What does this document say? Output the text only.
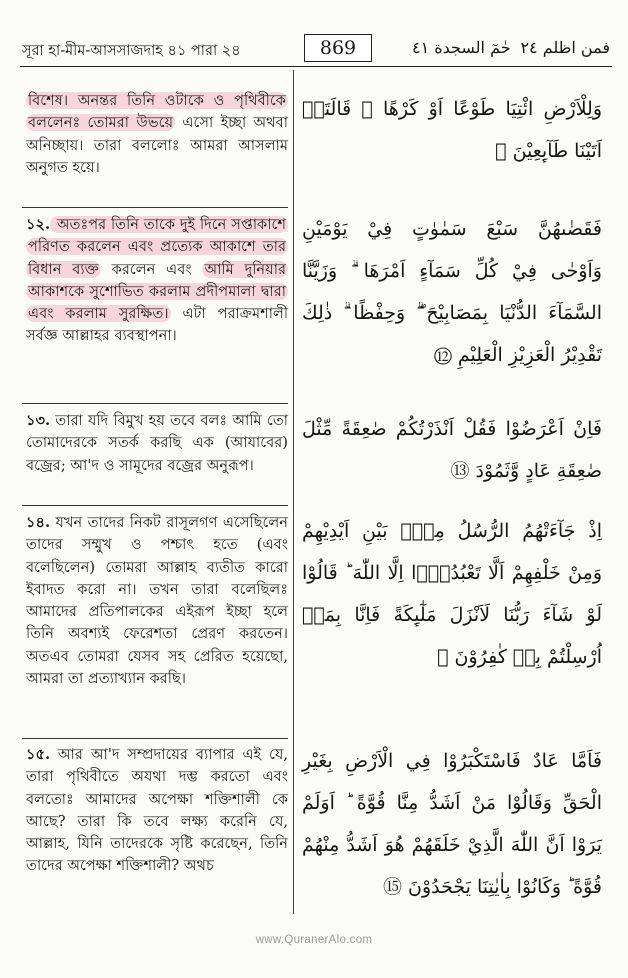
সূরা হা-মীম-আসসাজদাহ ৪১ পারা ২৪	869	حٰمٓ السجدة ٤١ فمن اظلم ٢٤
বিশেষ। অনন্তর তিনি ওটাকে ও পৃথিবীকে বললেনঃ তোমরা উভয়ে এসো ইচ্ছা অথবা অনিচ্ছায়। তারা বললোঃ আমরা আসলাম অনুগত হয়ে।
وَلِلْاَرْضِ ائْتِيَا طَوْعًا اَوْ كَرْهًا ۗ قَالَتَاۤ اَتَيْنَا طَآىِٕعِيْنَ ⑪
১২. অতঃপর তিনি তাকে দুই দিনে সপ্তাকাশে পরিণত করলেন এবং প্রত্যেক আকাশে তার বিধান ব্যক্ত করলেন এবং আমি দুনিয়ার আকাশকে সুশোভিত করলাম প্রদীপমালা দ্বারা এবং করলাম সুরক্ষিত। এটা পরাক্রমশালী সর্বজ্ঞ আল্লাহর ব্যবস্থাপনা।
فَقَضٰىهُنَّ سَبْعَ سَمٰوٰتٍ فِيْ يَوْمَيْنِ وَاَوْحٰى فِيْ كُلِّ سَمَآءٍ اَمْرَهَا ۗ وَزَيَّنَّا السَّمَآءَ الدُّنْيَا بِمَصَابِيْحَ ۖۗ وَحِفْظًا ۗ ذٰلِكَ تَقْدِيْرُ الْعَزِيْزِ الْعَلِيْمِ ⑫
১৩. তারা যদি বিমুখ হয় তবে বলঃ আমি তো তোমাদেরকে সতর্ক করছি এক (আযাবের) বজ্রের; আ'দ ও সামূদের বজ্রের অনুরূপ।
فَاِنْ اَعْرَضُوْا فَقُلْ اَنْذَرْتُكُمْ صٰعِقَةً مِّثْلَ صٰعِقَةِ عَادٍ وَّثَمُوْدَ ⑬
১৪. যখন তাদের নিকট রাসূলগণ এসেছিলেন তাদের সম্মুখ ও পশ্চাৎ হতে (এবং বলেছিলেন) তোমরা আল্লাহ ব্যতীত কারো ইবাদত করো না। তখন তারা বলেছিলঃ আমাদের প্রতিপালকের এইরূপ ইচ্ছা হলে তিনি অবশ্যই ফেরেশতা প্রেরণ করতেন। অতএব তোমরা যেসব সহ প্রেরিত হয়েছো, আমরা তা প্রত্যাখ্যান করছি।
اِذْ جَآءَتْهُمُ الرُّسُلُ مِنْۢ بَيْنِ اَيْدِيْهِمْ وَمِنْ خَلْفِهِمْ اَلَّا تَعْبُدُوْۤا اِلَّا اللّٰهَ ؕ قَالُوْا لَوْ شَآءَ رَبُّنَا لَاَنْزَلَ مَلٰٓىِٕكَةً فَاِنَّا بِمَاۤ اُرْسِلْتُمْ بِهٖ كٰفِرُوْنَ ⑭
১৫. আর আ'দ সম্প্রদায়ের ব্যাপার এই যে, তারা পৃথিবীতে অযথা দম্ভ করতো এবং বলতোঃ আমাদের অপেক্ষা শক্তিশালী কে আছে? তারা কি তবে লক্ষ্য করেনি যে, আল্লাহ, যিনি তাদেরকে সৃষ্টি করেছেন, তিনি তাদের অপেক্ষা শক্তিশালী? অথচ
فَاَمَّا عَادٌ فَاسْتَكْبَرُوْا فِي الْاَرْضِ بِغَيْرِ الْحَقِّ وَقَالُوْا مَنْ اَشَدُّ مِنَّا قُوَّةً ؕ اَوَلَمْ يَرَوْا اَنَّ اللّٰهَ الَّذِيْ خَلَقَهُمْ هُوَ اَشَدُّ مِنْهُمْ قُوَّةً ؕ وَكَانُوْا بِاٰيٰتِنَا يَجْحَدُوْنَ ⑮
www.QuranerAlo.com
